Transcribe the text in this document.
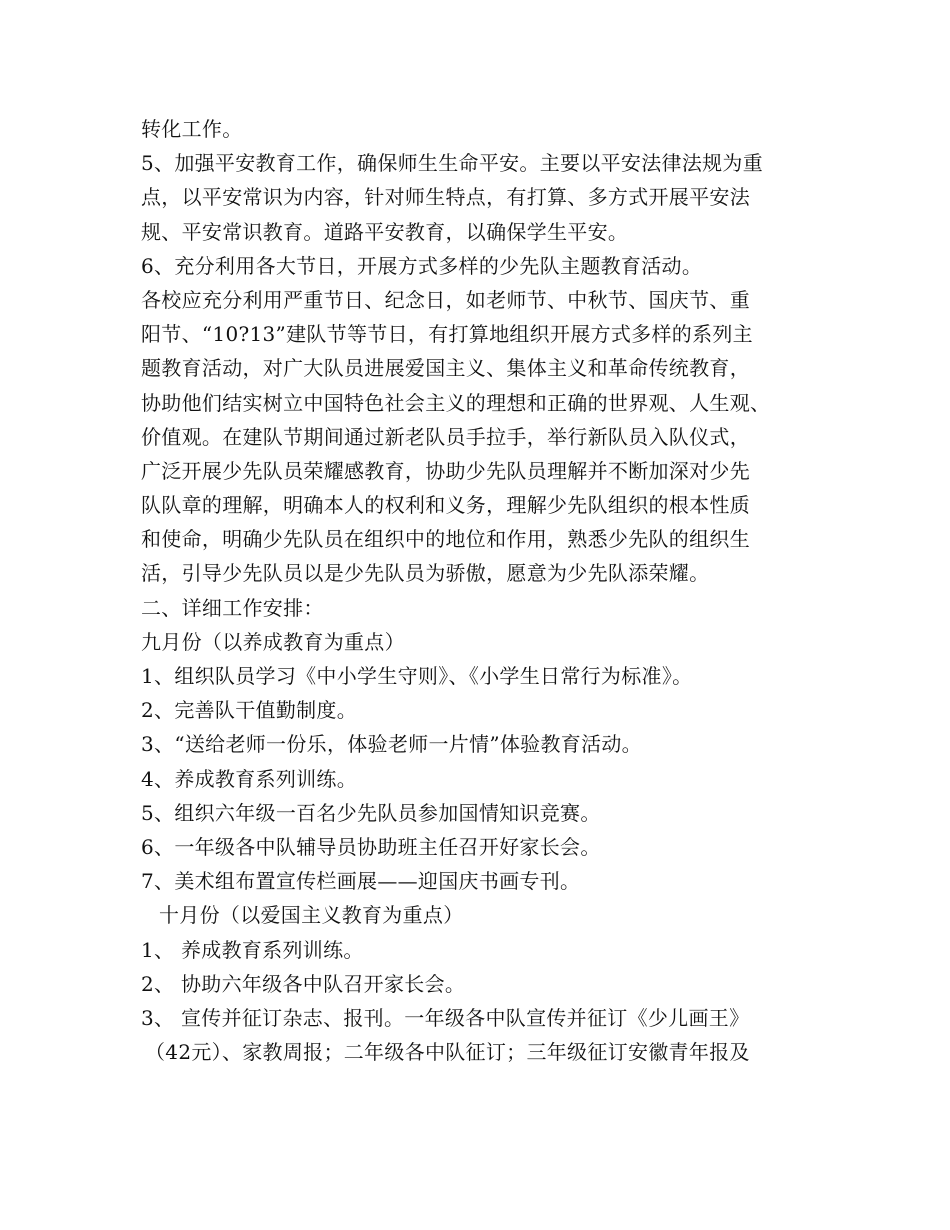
转化工作。
5、加强平安教育工作，确保师生生命平安。主要以平安法律法规为重
点，以平安常识为内容，针对师生特点，有打算、多方式开展平安法
规、平安常识教育。道路平安教育，以确保学生平安。
6、充分利用各大节日，开展方式多样的少先队主题教育活动。
各校应充分利用严重节日、纪念日，如老师节、中秋节、国庆节、重
阳节、“10?13”建队节等节日，有打算地组织开展方式多样的系列主
题教育活动，对广大队员进展爱国主义、集体主义和革命传统教育，
协助他们结实树立中国特色社会主义的理想和正确的世界观、人生观、
价值观。在建队节期间通过新老队员手拉手，举行新队员入队仪式，
广泛开展少先队员荣耀感教育，协助少先队员理解并不断加深对少先
队队章的理解，明确本人的权利和义务，理解少先队组织的根本性质
和使命，明确少先队员在组织中的地位和作用，熟悉少先队的组织生
活，引导少先队员以是少先队员为骄傲，愿意为少先队添荣耀。
二、详细工作安排：
九月份（以养成教育为重点）
1、组织队员学习《中小学生守则》、《小学生日常行为标准》。
2、完善队干值勤制度。
3、“送给老师一份乐，体验老师一片情”体验教育活动。
4、养成教育系列训练。
5、组织六年级一百名少先队员参加国情知识竞赛。
6、一年级各中队辅导员协助班主任召开好家长会。
7、美术组布置宣传栏画展——迎国庆书画专刊。
十月份（以爱国主义教育为重点）
1、 养成教育系列训练。
2、 协助六年级各中队召开家长会。
3、 宣传并征订杂志、报刊。一年级各中队宣传并征订《少儿画王》
（42元）、家教周报；二年级各中队征订；三年级征订安徽青年报及
